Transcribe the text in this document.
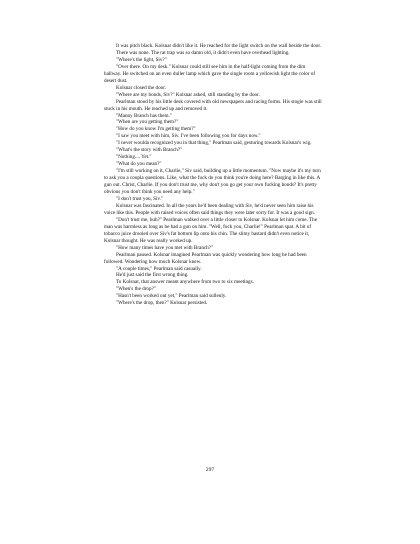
It was pitch black. Kolsnar didn't like it. He reached for the light switch on the wall beside the door.

There was none. The rat trap was so damn old, it didn't even have overhead lighting.

"Where's the light, Siv?"

"Over there. On my desk." Kolsnar could still see him in the half-light coming from the dim hallway. He switched on an even duller lamp which gave the single room a yellowish light the color of desert dust.

Kolsnar closed the door.

"Where are my bonds, Siv?" Kolsnar asked, still standing by the door.

Pearlman stood by his little desk covered with old newspapers and racing forms. His stogie was still stuck in his mouth. He reached up and removed it.

"Manny Branch has them."

"When are you getting them?"

"How do you know I'm getting them?"

"I saw you meet with him, Siv. I've been following you for days now."

"I never woulda recognized you in that thing," Pearlman said, gesturing towards Kolsnar's wig.

"What's the story with Branch?"

"Nothing.... Yet."

"What do you mean?"

"I'm still working on it, Charlie," Siv said, building up a little momentum. "Now maybe it's my turn to ask you a coupla questions. Like, what the fuck do you think you're doing here? Barging in like this. A gun out. Christ, Charlie. If you don't trust me, why don't you go get your own fucking bonds? It's pretty obvious you don't think you need any help."

"I don't trust you, Siv."

Kolsnar was fascinated. In all the years he'd been dealing with Siv, he'd never seen him raise his voice like this. People with raised voices often said things they were later sorry for. It was a good sign.

"Don't trust me, huh?" Pearlman walked over a little closer to Kolsnar. Kolsnar let him come. The man was harmless as long as he had a gun on him. "Well, fuck you, Charlie!" Pearlman spat. A bit of tobacco juice drooled over Siv's fat bottom lip onto his chin. The slimy bastard didn't even notice it, Kolsnar thought. He was really worked up.

"How many times have you met with Branch?"

Pearlman paused. Kolsnar imagined Pearlman was quickly wondering how long he had been followed. Wondering how much Kolsnar knew.

"A couple times," Pearlman said casually.

He'd just said the first wrong thing.

To Kolsnar, that answer meant anywhere from two to six meetings.

"When's the drop?"

"Hasn't been worked out yet," Pearlman said sullenly.

"Where's the drop, then?" Kolsnar persisted.

297
